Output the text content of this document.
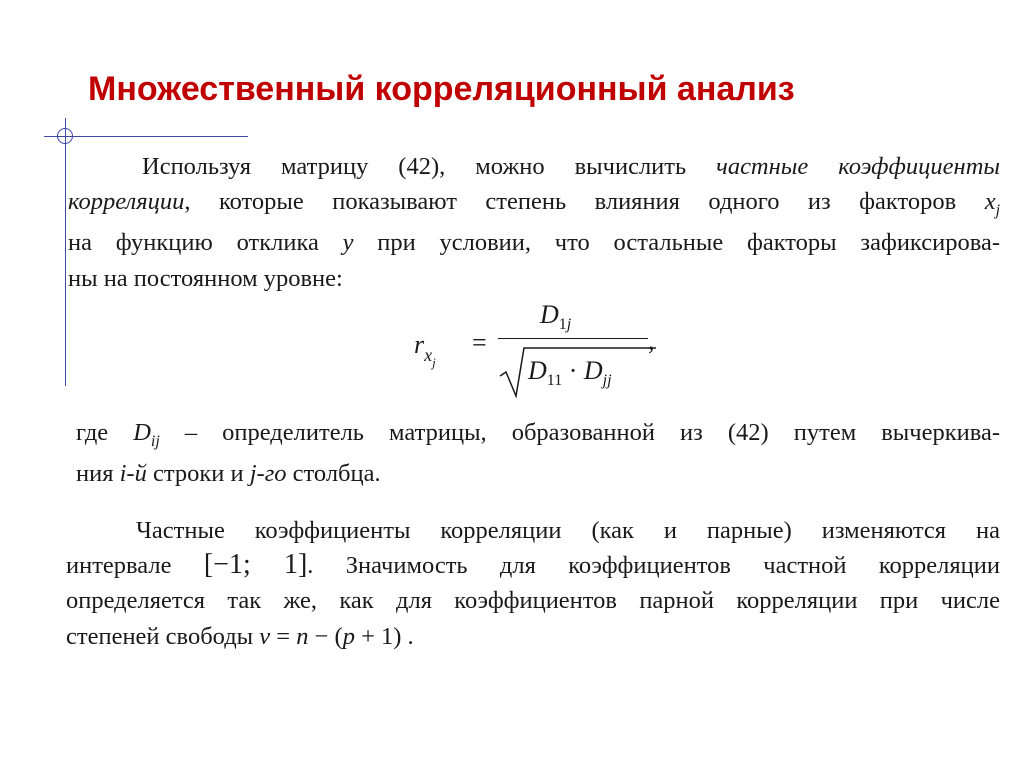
Множественный корреляционный анализ
Используя матрицу (42), можно вычислить частные коэффициенты
корреляции, которые показывают степень влияния одного из факторов $x_j$
на функцию отклика y при условии, что остальные факторы зафиксирова-
ны на постоянном уровне:
$r_{xj}$
=
$D_{1j}$
$D_{11} \cdot D_{jj}$
,
где $D_{ij}$ – определитель матрицы, образованной из (42) путем вычеркива-
ния i-й строки и j-го столбца.
Частные коэффициенты корреляции (как и парные) изменяются на
интервале [−1; 1]. Значимость для коэффициентов частной корреляции
определяется так же, как для коэффициентов парной корреляции при числе
степеней свободы ν = n − (p + 1) .
